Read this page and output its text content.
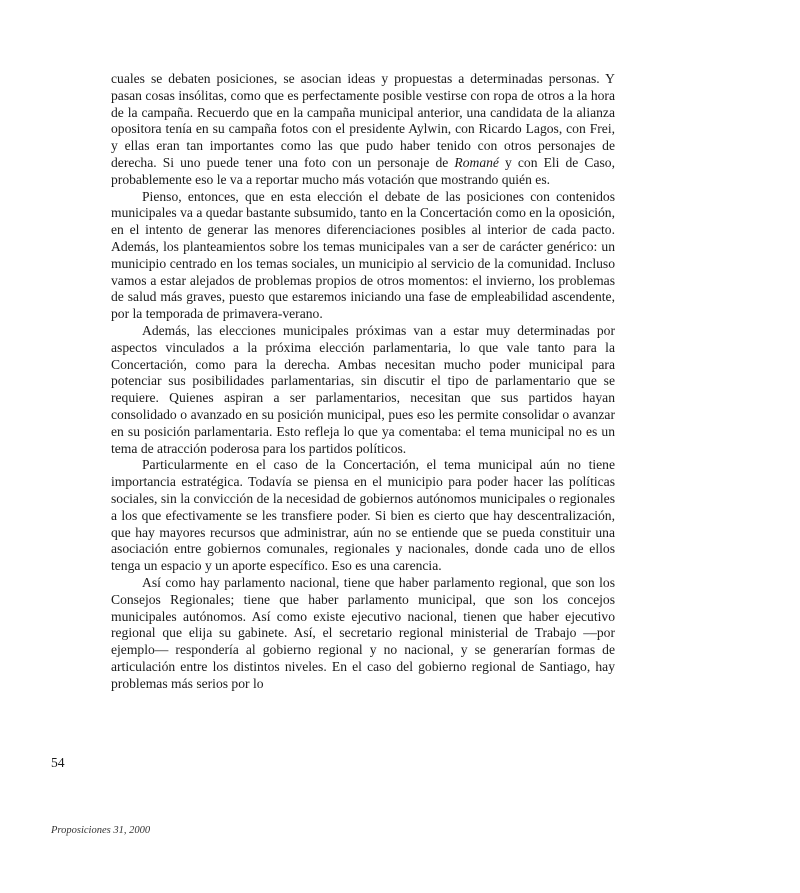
cuales se debaten posiciones, se asocian ideas y propuestas a determinadas personas. Y pasan cosas insólitas, como que es perfectamente posible vestirse con ropa de otros a la hora de la campaña. Recuerdo que en la campaña municipal anterior, una candidata de la alianza opositora tenía en su campaña fotos con el presidente Aylwin, con Ricardo Lagos, con Frei, y ellas eran tan importantes como las que pudo haber tenido con otros personajes de derecha. Si uno puede tener una foto con un personaje de Romané y con Eli de Caso, probablemente eso le va a reportar mucho más votación que mostrando quién es.

Pienso, entonces, que en esta elección el debate de las posiciones con contenidos municipales va a quedar bastante subsumido, tanto en la Concertación como en la oposición, en el intento de generar las menores diferenciaciones posibles al interior de cada pacto. Además, los planteamientos sobre los temas municipales van a ser de carácter genérico: un municipio centrado en los temas sociales, un municipio al servicio de la comunidad. Incluso vamos a estar alejados de problemas propios de otros momentos: el invierno, los problemas de salud más graves, puesto que estaremos iniciando una fase de empleabilidad ascendente, por la temporada de primavera-verano.

Además, las elecciones municipales próximas van a estar muy determinadas por aspectos vinculados a la próxima elección parlamentaria, lo que vale tanto para la Concertación, como para la derecha. Ambas necesitan mucho poder municipal para potenciar sus posibilidades parlamentarias, sin discutir el tipo de parlamentario que se requiere. Quienes aspiran a ser parlamentarios, necesitan que sus partidos hayan consolidado o avanzado en su posición municipal, pues eso les permite consolidar o avanzar en su posición parlamentaria. Esto refleja lo que ya comentaba: el tema municipal no es un tema de atracción poderosa para los partidos políticos.

Particularmente en el caso de la Concertación, el tema municipal aún no tiene importancia estratégica. Todavía se piensa en el municipio para poder hacer las políticas sociales, sin la convicción de la necesidad de gobiernos autónomos municipales o regionales a los que efectivamente se les transfiere poder. Si bien es cierto que hay descentralización, que hay mayores recursos que administrar, aún no se entiende que se pueda constituir una asociación entre gobiernos comunales, regionales y nacionales, donde cada uno de ellos tenga un espacio y un aporte específico. Eso es una carencia.

Así como hay parlamento nacional, tiene que haber parlamento regional, que son los Consejos Regionales; tiene que haber parlamento municipal, que son los concejos municipales autónomos. Así como existe ejecutivo nacional, tienen que haber ejecutivo regional que elija su gabinete. Así, el secretario regional ministerial de Trabajo —por ejemplo— respondería al gobierno regional y no nacional, y se generarían formas de articulación entre los distintos niveles. En el caso del gobierno regional de Santiago, hay problemas más serios por lo

54
Proposiciones 31, 2000
